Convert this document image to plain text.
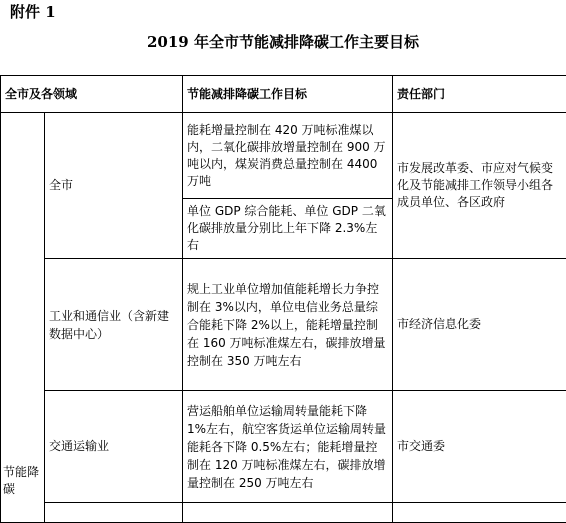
附件 1
2019 年全市节能减排降碳工作主要目标
全市及各领域		节能减排降碳工作目标	责任部门
节能降碳	全市	能耗增量控制在 420 万吨标准煤以内，二氧化碳排放增量控制在 900 万吨以内，煤炭消费总量控制在 4400 万吨	市发展改革委、市应对气候变化及节能减排工作领导小组各成员单位、各区政府
		单位 GDP 综合能耗、单位 GDP 二氧化碳排放量分别比上年下降 2.3%左右	
	工业和通信业（含新建数据中心）	规上工业单位增加值能耗增长力争控制在 3%以内，单位电信业务总量综合能耗下降 2%以上，能耗增量控制在 160 万吨标准煤左右，碳排放增量控制在 350 万吨左右	市经济信息化委
	交通运输业	营运船舶单位运输周转量能耗下降 1%左右，航空客货运单位运输周转量能耗各下降 0.5%左右；能耗增量控制在 120 万吨标准煤左右，碳排放增量控制在 250 万吨左右	市交通委
